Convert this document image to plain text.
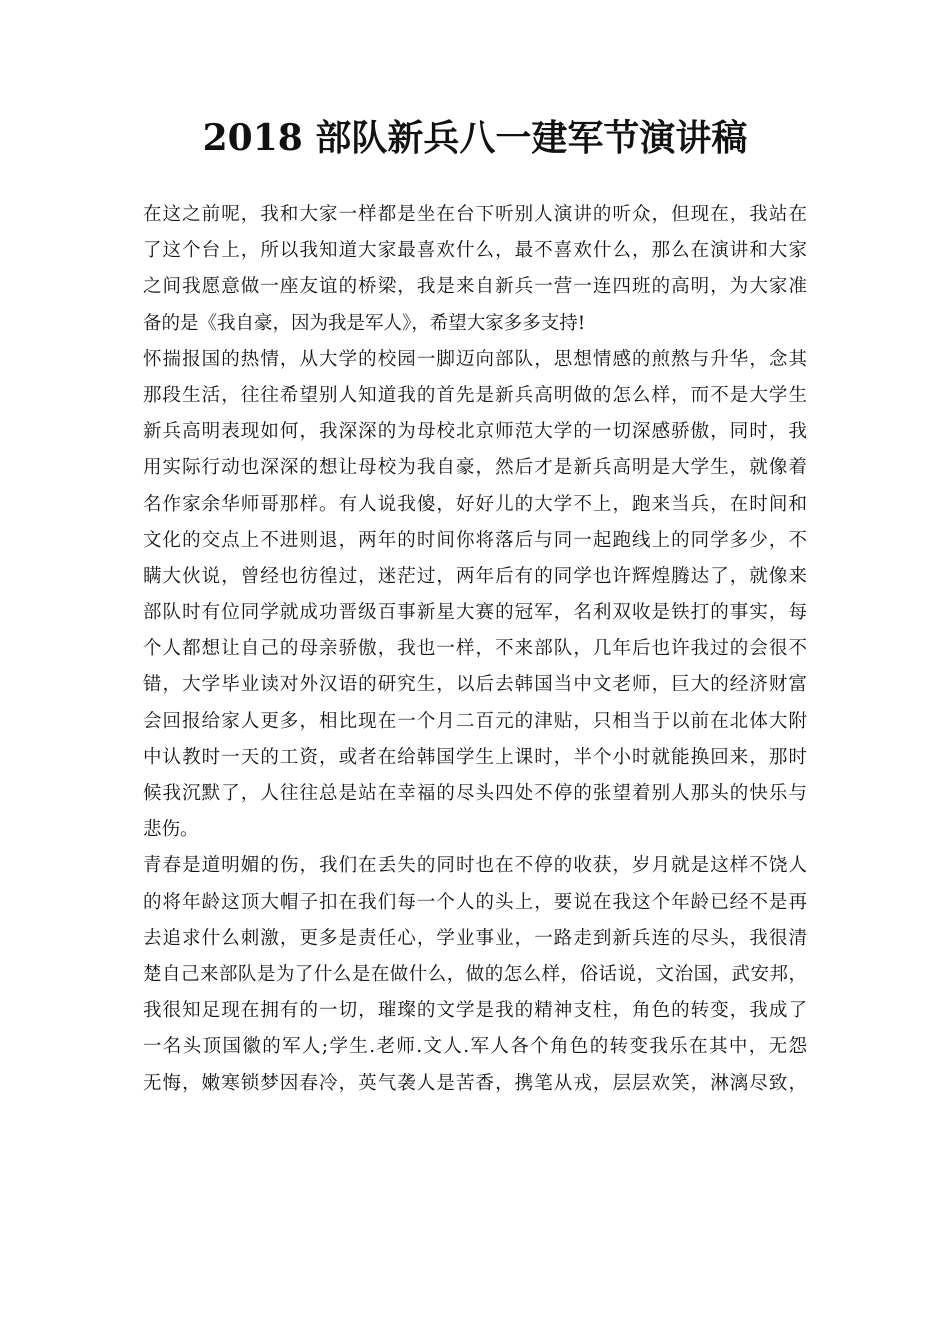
2018 部队新兵八一建军节演讲稿
在这之前呢，我和大家一样都是坐在台下听别人演讲的听众，但现在，我站在
了这个台上，所以我知道大家最喜欢什么，最不喜欢什么，那么在演讲和大家
之间我愿意做一座友谊的桥梁，我是来自新兵一营一连四班的高明，为大家准
备的是《我自豪，因为我是军人》，希望大家多多支持!
怀揣报国的热情，从大学的校园一脚迈向部队，思想情感的煎熬与升华，念其
那段生活，往往希望别人知道我的首先是新兵高明做的怎么样，而不是大学生
新兵高明表现如何，我深深的为母校北京师范大学的一切深感骄傲，同时，我
用实际行动也深深的想让母校为我自豪，然后才是新兵高明是大学生，就像着
名作家余华师哥那样。有人说我傻，好好儿的大学不上，跑来当兵，在时间和
文化的交点上不进则退，两年的时间你将落后与同一起跑线上的同学多少，不
瞒大伙说，曾经也彷徨过，迷茫过，两年后有的同学也许辉煌腾达了，就像来
部队时有位同学就成功晋级百事新星大赛的冠军，名利双收是铁打的事实，每
个人都想让自己的母亲骄傲，我也一样，不来部队，几年后也许我过的会很不
错，大学毕业读对外汉语的研究生，以后去韩国当中文老师，巨大的经济财富
会回报给家人更多，相比现在一个月二百元的津贴，只相当于以前在北体大附
中认教时一天的工资，或者在给韩国学生上课时，半个小时就能换回来，那时
候我沉默了，人往往总是站在幸福的尽头四处不停的张望着别人那头的快乐与
悲伤。
青春是道明媚的伤，我们在丢失的同时也在不停的收获，岁月就是这样不饶人
的将年龄这顶大帽子扣在我们每一个人的头上，要说在我这个年龄已经不是再
去追求什么刺激，更多是责任心，学业事业，一路走到新兵连的尽头，我很清
楚自己来部队是为了什么是在做什么，做的怎么样，俗话说，文治国，武安邦，
我很知足现在拥有的一切，璀璨的文学是我的精神支柱，角色的转变，我成了
一名头顶国徽的军人;学生.老师.文人.军人各个角色的转变我乐在其中，无怨
无悔，嫩寒锁梦因春冷，英气袭人是苦香，携笔从戎，层层欢笑，淋漓尽致，
